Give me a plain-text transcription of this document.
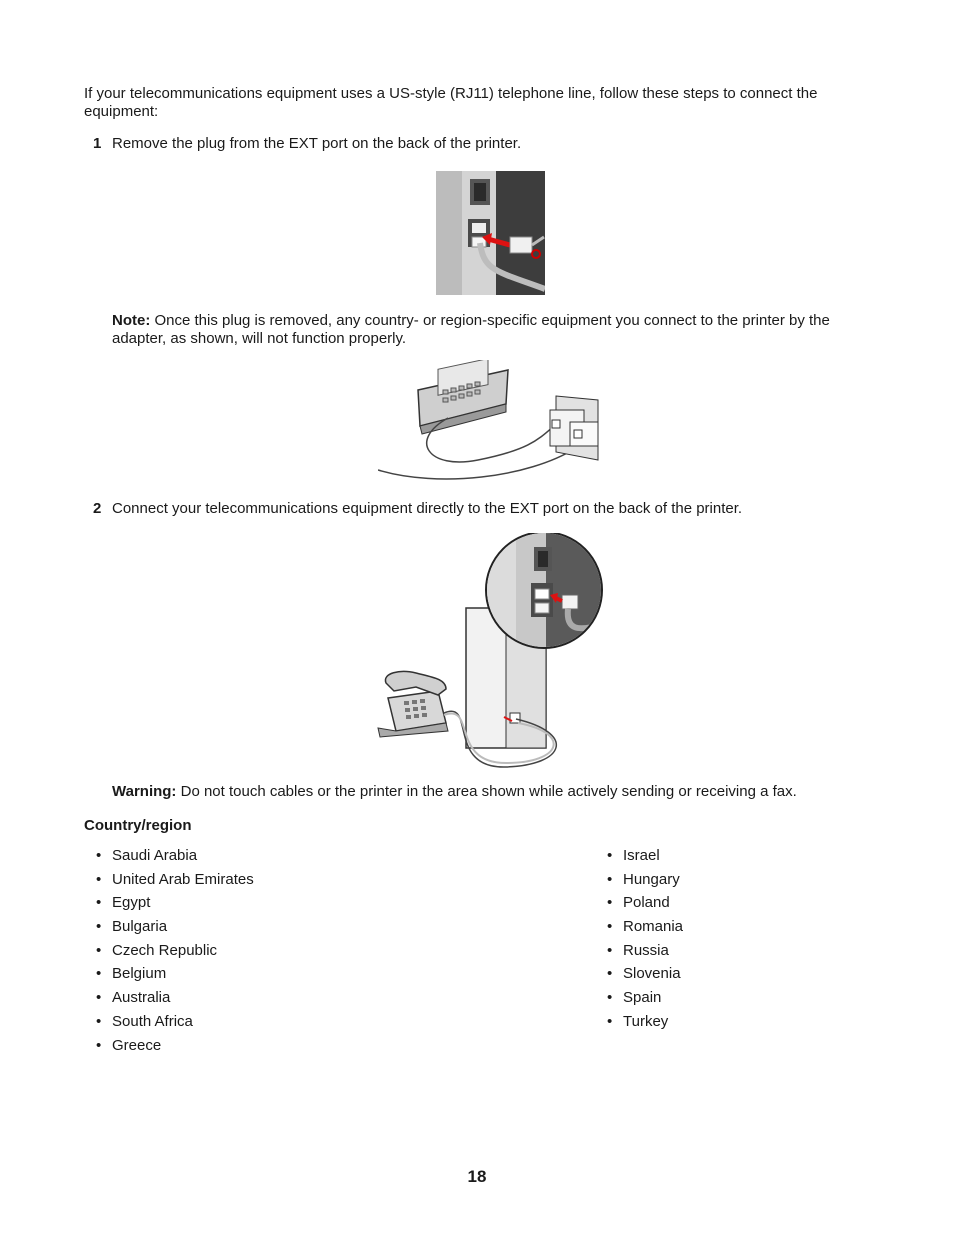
If your telecommunications equipment uses a US-style (RJ11) telephone line, follow these steps to connect the equipment:
1 Remove the plug from the EXT port on the back of the printer.
Note: Once this plug is removed, any country- or region-specific equipment you connect to the printer by the adapter, as shown, will not function properly.
2 Connect your telecommunications equipment directly to the EXT port on the back of the printer.
Warning: Do not touch cables or the printer in the area shown while actively sending or receiving a fax.
Country/region
• Saudi Arabia
• United Arab Emirates
• Egypt
• Bulgaria
• Czech Republic
• Belgium
• Australia
• South Africa
• Greece
• Israel
• Hungary
• Poland
• Romania
• Russia
• Slovenia
• Spain
• Turkey
18
